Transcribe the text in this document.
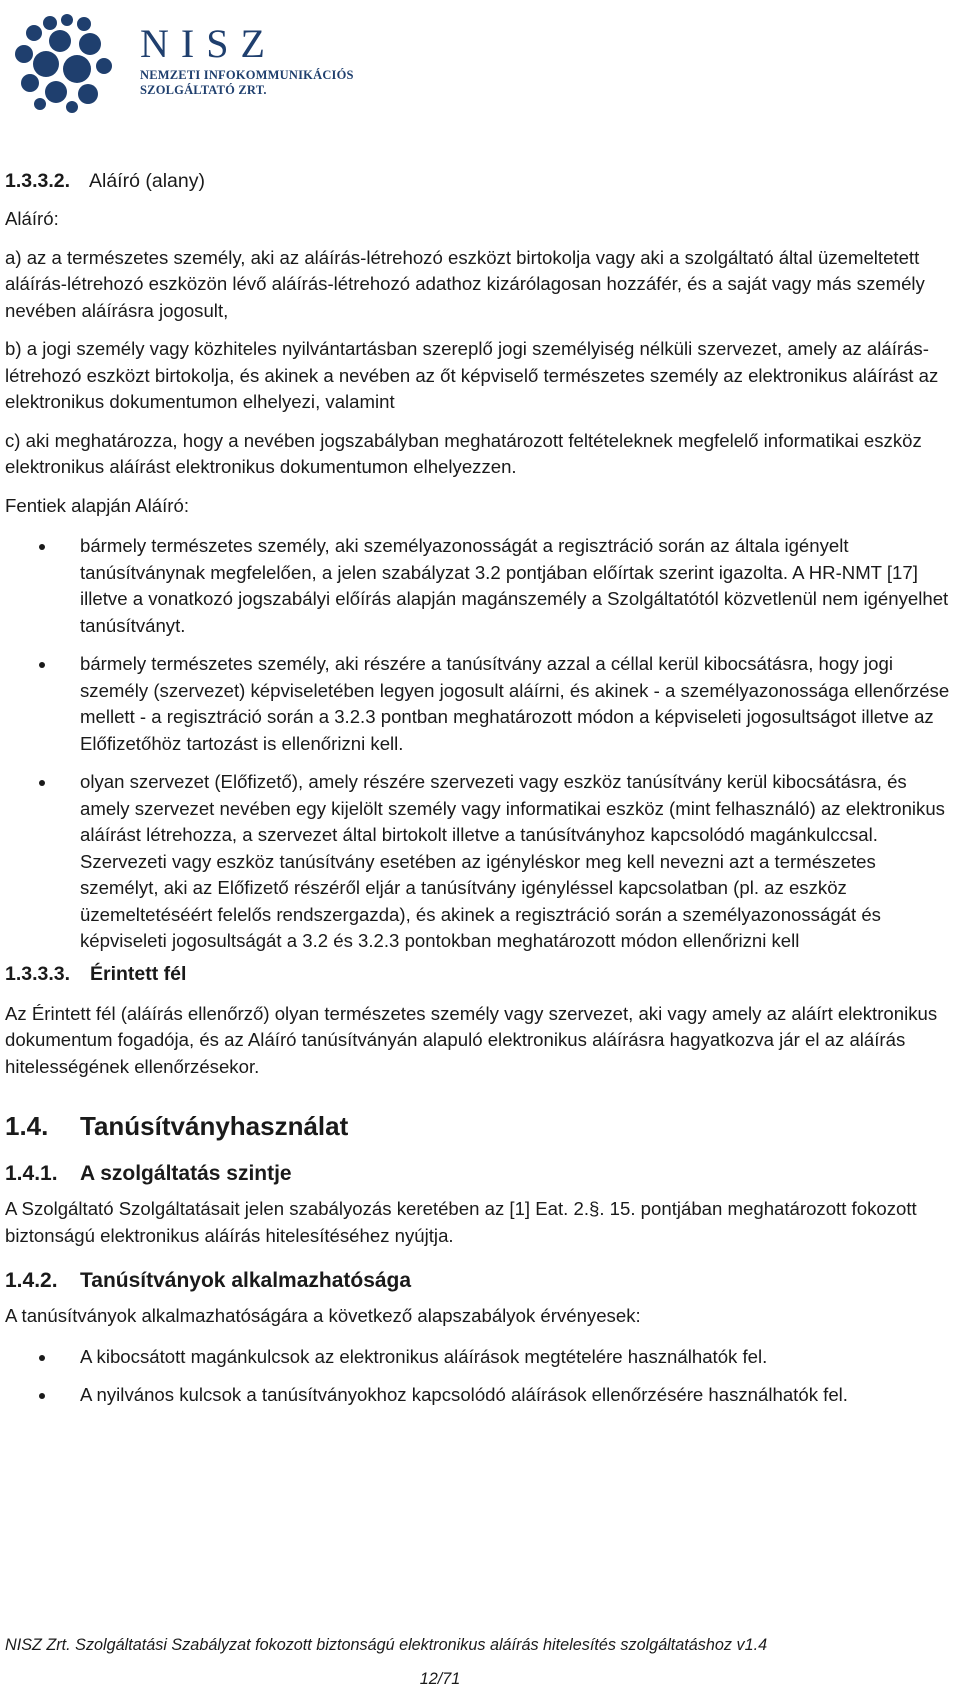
NISZ
NEMZETI INFOKOMMUNIKÁCIÓS
SZOLGÁLTATÓ ZRT.

1.3.3.2. Aláíró (alany)

Aláíró:

a) az a természetes személy, aki az aláírás-létrehozó eszközt birtokolja vagy aki a szolgáltató által üzemeltetett aláírás-létrehozó eszközön lévő aláírás-létrehozó adathoz kizárólagosan hozzáfér, és a saját vagy más személy nevében aláírásra jogosult,

b) a jogi személy vagy közhiteles nyilvántartásban szereplő jogi személyiség nélküli szervezet, amely az aláírás-létrehozó eszközt birtokolja, és akinek a nevében az őt képviselő természetes személy az elektronikus aláírást az elektronikus dokumentumon elhelyezi, valamint

c) aki meghatározza, hogy a nevében jogszabályban meghatározott feltételeknek megfelelő informatikai eszköz elektronikus aláírást elektronikus dokumentumon elhelyezzen.

Fentiek alapján Aláíró:

bármely természetes személy, aki személyazonosságát a regisztráció során az általa igényelt tanúsítványnak megfelelően, a jelen szabályzat 3.2 pontjában előírtak szerint igazolta. A HR-NMT [17] illetve a vonatkozó jogszabályi előírás alapján magánszemély a Szolgáltatótól közvetlenül nem igényelhet tanúsítványt.
bármely természetes személy, aki részére a tanúsítvány azzal a céllal kerül kibocsátásra, hogy jogi személy (szervezet) képviseletében legyen jogosult aláírni, és akinek - a személyazonossága ellenőrzése mellett - a regisztráció során a 3.2.3 pontban meghatározott módon a képviseleti jogosultságot illetve az Előfizetőhöz tartozást is ellenőrizni kell.
olyan szervezet (Előfizető), amely részére szervezeti vagy eszköz tanúsítvány kerül kibocsátásra, és amely szervezet nevében egy kijelölt személy vagy informatikai eszköz (mint felhasználó) az elektronikus aláírást létrehozza, a szervezet által birtokolt illetve a tanúsítványhoz kapcsolódó magánkulccsal. Szervezeti vagy eszköz tanúsítvány esetében az igényléskor meg kell nevezni azt a természetes személyt, aki az Előfizető részéről eljár a tanúsítvány igényléssel kapcsolatban (pl. az eszköz üzemeltetéséért felelős rendszergazda), és akinek a regisztráció során a személyazonosságát és képviseleti jogosultságát a 3.2 és 3.2.3 pontokban meghatározott módon ellenőrizni kell

1.3.3.3. Érintett fél

Az Érintett fél (aláírás ellenőrző) olyan természetes személy vagy szervezet, aki vagy amely az aláírt elektronikus dokumentum fogadója, és az Aláíró tanúsítványán alapuló elektronikus aláírásra hagyatkozva jár el az aláírás hitelességének ellenőrzésekor.

1.4. Tanúsítványhasználat

1.4.1. A szolgáltatás szintje

A Szolgáltató Szolgáltatásait jelen szabályozás keretében az [1] Eat. 2.§. 15. pontjában meghatározott fokozott biztonságú elektronikus aláírás hitelesítéséhez nyújtja.

1.4.2. Tanúsítványok alkalmazhatósága

A tanúsítványok alkalmazhatóságára a következő alapszabályok érvényesek:

A kibocsátott magánkulcsok az elektronikus aláírások megtételére használhatók fel.
A nyilvános kulcsok a tanúsítványokhoz kapcsolódó aláírások ellenőrzésére használhatók fel.
NISZ Zrt. Szolgáltatási Szabályzat fokozott biztonságú elektronikus aláírás hitelesítés szolgáltatáshoz v1.4
12/71
